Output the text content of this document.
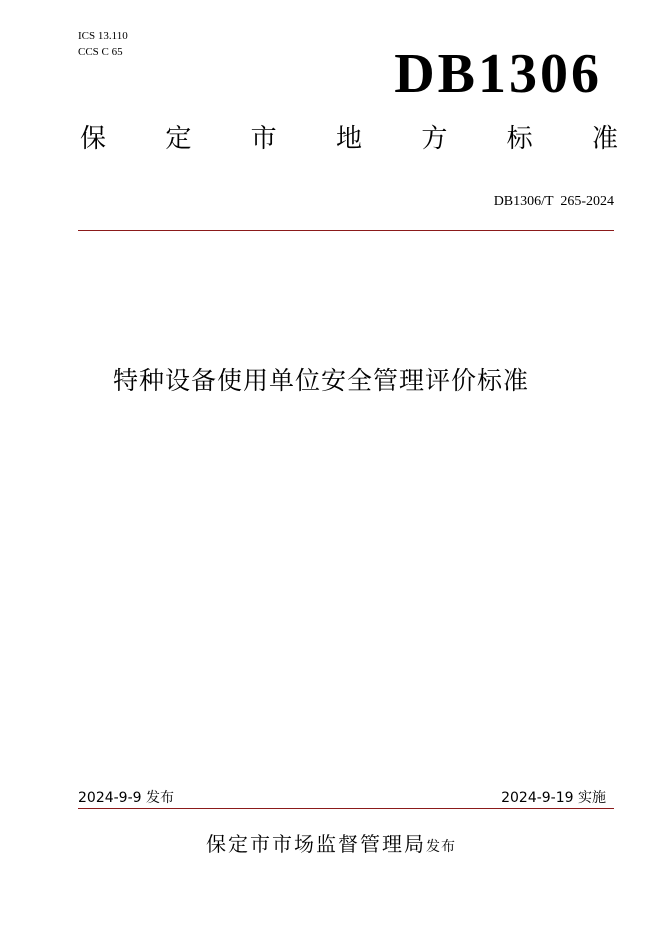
ICS 13.110
CCS C 65	DB1306
保 定 市 地 方 标 准
DB1306/T  265-2024
特种设备使用单位安全管理评价标准
2024-9-9 发布	2024-9-19 实施
保定市市场监督管理局发布
